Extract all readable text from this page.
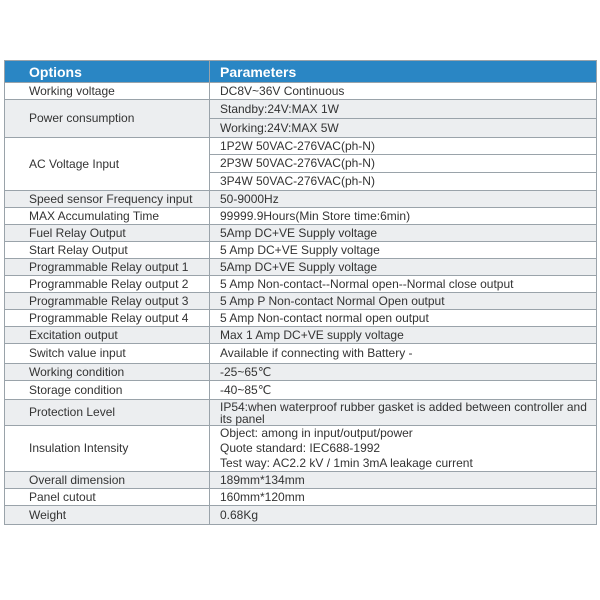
Options	Parameters
Working voltage	DC8V~36V Continuous
Power consumption	Standby:24V:MAX 1W
	Working:24V:MAX 5W
AC Voltage Input	1P2W 50VAC-276VAC(ph-N)
	2P3W 50VAC-276VAC(ph-N)
	3P4W 50VAC-276VAC(ph-N)
Speed sensor Frequency input	50-9000Hz
MAX Accumulating Time	99999.9Hours(Min Store time:6min)
Fuel Relay Output	5Amp DC+VE Supply voltage
Start Relay Output	5 Amp DC+VE Supply voltage
Programmable Relay output 1	5Amp DC+VE Supply voltage
Programmable Relay output 2	5 Amp Non-contact--Normal open--Normal close output
Programmable Relay output 3	5 Amp P Non-contact Normal Open output
Programmable Relay output 4	5 Amp Non-contact normal open output
Excitation output	Max 1 Amp DC+VE supply voltage
Switch value input	Available if connecting with Battery -
Working condition	-25~65℃
Storage condition	-40~85℃
Protection Level	IP54:when waterproof rubber gasket is added between controller and its panel
Insulation Intensity	Object: among in input/output/power
Quote standard: IEC688-1992
Test way: AC2.2 kV / 1min 3mA leakage current

Overall dimension	189mm*134mm
Panel cutout	160mm*120mm
Weight	0.68Kg
